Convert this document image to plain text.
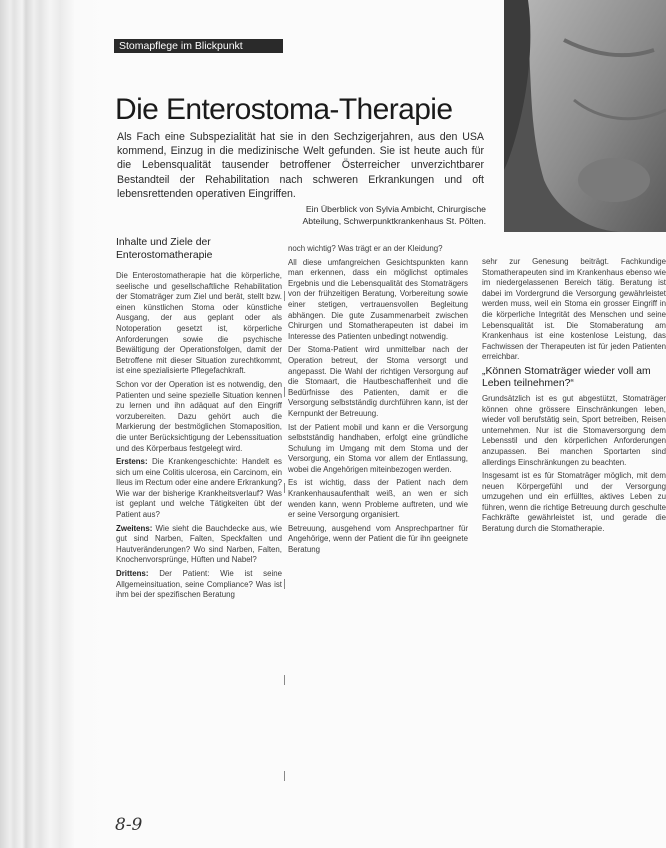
Stomapflege im Blickpunkt
Die Enterostoma-Therapie

Als Fach eine Subspezialität hat sie in den Sechzigerjahren, aus den USA kommend, Einzug in die medizinische Welt gefunden. Sie ist heute auch für die Lebensqualität tausender betroffener Österreicher unverzichtbarer Bestandteil der Rehabilitation nach schweren Erkrankungen und oft lebensrettenden operativen Eingriffen.

Ein Überblick von Sylvia Ambicht, Chirurgische
Abteilung, Schwerpunktkrankenhaus St. Pölten.
Inhalte und Ziele der Enterostomatherapie

Die Enterostomatherapie hat die körperliche, seelische und gesellschaftliche Rehabilitation der Stomaträger zum Ziel und berät, stellt bzw. einen künstlichen Stoma oder künstliche Ausgang, der aus geplant oder als Notoperation gesetzt ist, körperliche Anforderungen sowie die psychische Bewältigung der Operationsfolgen, damit der Betroffene mit dieser Situation zurechtkommt, ist eine spezialisierte Pflegefachkraft.

Schon vor der Operation ist es notwendig, den Patienten und seine spezielle Situation kennen zu lernen und ihn adäquat auf den Eingriff vorzubereiten. Dazu gehört auch die Markierung der bestmöglichen Stomaposition, die unter Berücksichtigung der Lebenssituation und des Körperbaus festgelegt wird.

Erstens: Die Krankengeschichte: Handelt es sich um eine Colitis ulcerosa, ein Carcinom, ein Ileus im Rectum oder eine andere Erkrankung? Wie war der bisherige Krankheitsverlauf? Was ist geplant und welche Tätigkeiten übt der Patient aus?

Zweitens: Wie sieht die Bauchdecke aus, wie gut sind Narben, Falten, Speckfalten und Hautveränderungen? Wo sind Narben, Falten, Knochenvorsprünge, Hüften und Nabel?

Drittens: Der Patient: Wie ist seine Allgemeinsituation, seine Compliance? Was ist ihm bei der spezifischen Beratung

noch wichtig? Was trägt er an der Kleidung?

All diese umfangreichen Gesichtspunkten kann man erkennen, dass ein möglichst optimales Ergebnis und die Lebensqualität des Stomaträgers von der frühzeitigen Beratung, Vorbereitung sowie einer stetigen, vertrauensvollen Begleitung abhängen. Die gute Zusammenarbeit zwischen Chirurgen und Stomatherapeuten ist dabei im Interesse des Patienten unbedingt notwendig.

Der Stoma-Patient wird unmittelbar nach der Operation betreut, der Stoma versorgt und angepasst. Die Wahl der richtigen Versorgung auf die Stomaart, die Hautbeschaffenheit und die Bedürfnisse des Patienten, damit er die Versorgung selbstständig durchführen kann, ist der Kernpunkt der Betreuung.

Ist der Patient mobil und kann er die Versorgung selbstständig handhaben, erfolgt eine gründliche Schulung im Umgang mit dem Stoma und der Versorgung, ein Stoma vor allem der Entlassung, wobei die Angehörigen miteinbezogen werden.

Es ist wichtig, dass der Patient nach dem Krankenhausaufenthalt weiß, an wen er sich wenden kann, wenn Probleme auftreten, und wie er seine Versorgung organisiert.

Betreuung, ausgehend vom Ansprechpartner für Angehörige, wenn der Patient die für ihn geeignete Beratung

sehr zur Genesung beiträgt. Fachkundige Stomatherapeuten sind im Krankenhaus ebenso wie im niedergelassenen Bereich tätig. Beratung ist dabei im Vordergrund die Versorgung gewährleistet werden muss, weil ein Stoma ein grosser Eingriff in die körperliche Integrität des Menschen und seine Lebensqualität ist. Die Stomaberatung am Krankenhaus ist eine kostenlose Leistung, das Fachwissen der Therapeuten ist für jeden Patienten erreichbar.

„Können Stomaträger wieder voll am Leben teilnehmen?“

Grundsätzlich ist es gut abgestützt, Stomaträger können ohne grössere Einschränkungen leben, wieder voll berufstätig sein, Sport betreiben, Reisen unternehmen. Nur ist die Stomaversorgung dem Lebensstil und den körperlichen Anforderungen anzupassen. Bei manchen Sportarten sind allerdings Einschränkungen zu beachten.

Insgesamt ist es für Stomaträger möglich, mit dem neuen Körpergefühl und der Versorgung umzugehen und ein erfülltes, aktives Leben zu führen, wenn die richtige Betreuung durch geschulte Fachkräfte gewährleistet ist, und gerade die Beratung durch die Stomatherapie.

8-9
